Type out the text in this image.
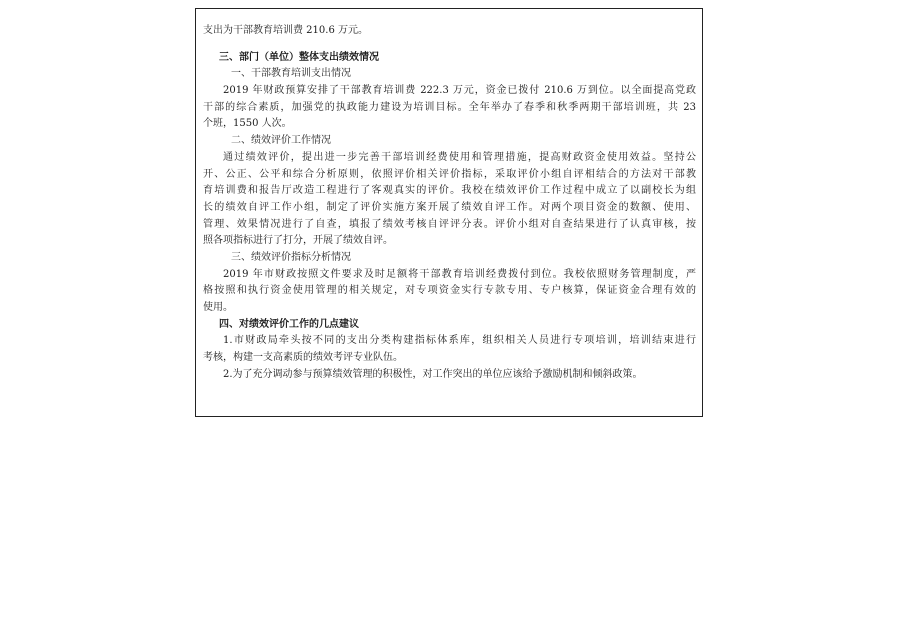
支出为干部教育培训费 210.6 万元。
三、部门（单位）整体支出绩效情况
一、干部教育培训支出情况
2019 年财政预算安排了干部教育培训费 222.3 万元，资金已拨付 210.6 万到位。以全面提高党政
干部的综合素质，加强党的执政能力建设为培训目标。全年举办了春季和秋季两期干部培训班，共 23
个班，1550 人次。
二、绩效评价工作情况
通过绩效评价，提出进一步完善干部培训经费使用和管理措施，提高财政资金使用效益。坚持公
开、公正、公平和综合分析原则，依照评价相关评价指标，采取评价小组自评相结合的方法对干部教
育培训费和报告厅改造工程进行了客观真实的评价。我校在绩效评价工作过程中成立了以副校长为组
长的绩效自评工作小组，制定了评价实施方案开展了绩效自评工作。对两个项目资金的数额、使用、
管理、效果情况进行了自查，填报了绩效考核自评评分表。评价小组对自查结果进行了认真审核，按
照各项指标进行了打分，开展了绩效自评。
三、绩效评价指标分析情况
2019 年市财政按照文件要求及时足额将干部教育培训经费拨付到位。我校依照财务管理制度，严
格按照和执行资金使用管理的相关规定，对专项资金实行专款专用、专户核算，保证资金合理有效的
使用。
四、对绩效评价工作的几点建议
1.市财政局牵头按不同的支出分类构建指标体系库，组织相关人员进行专项培训，培训结束进行
考核，构建一支高素质的绩效考评专业队伍。
2.为了充分调动参与预算绩效管理的积极性，对工作突出的单位应该给予激励机制和倾斜政策。
